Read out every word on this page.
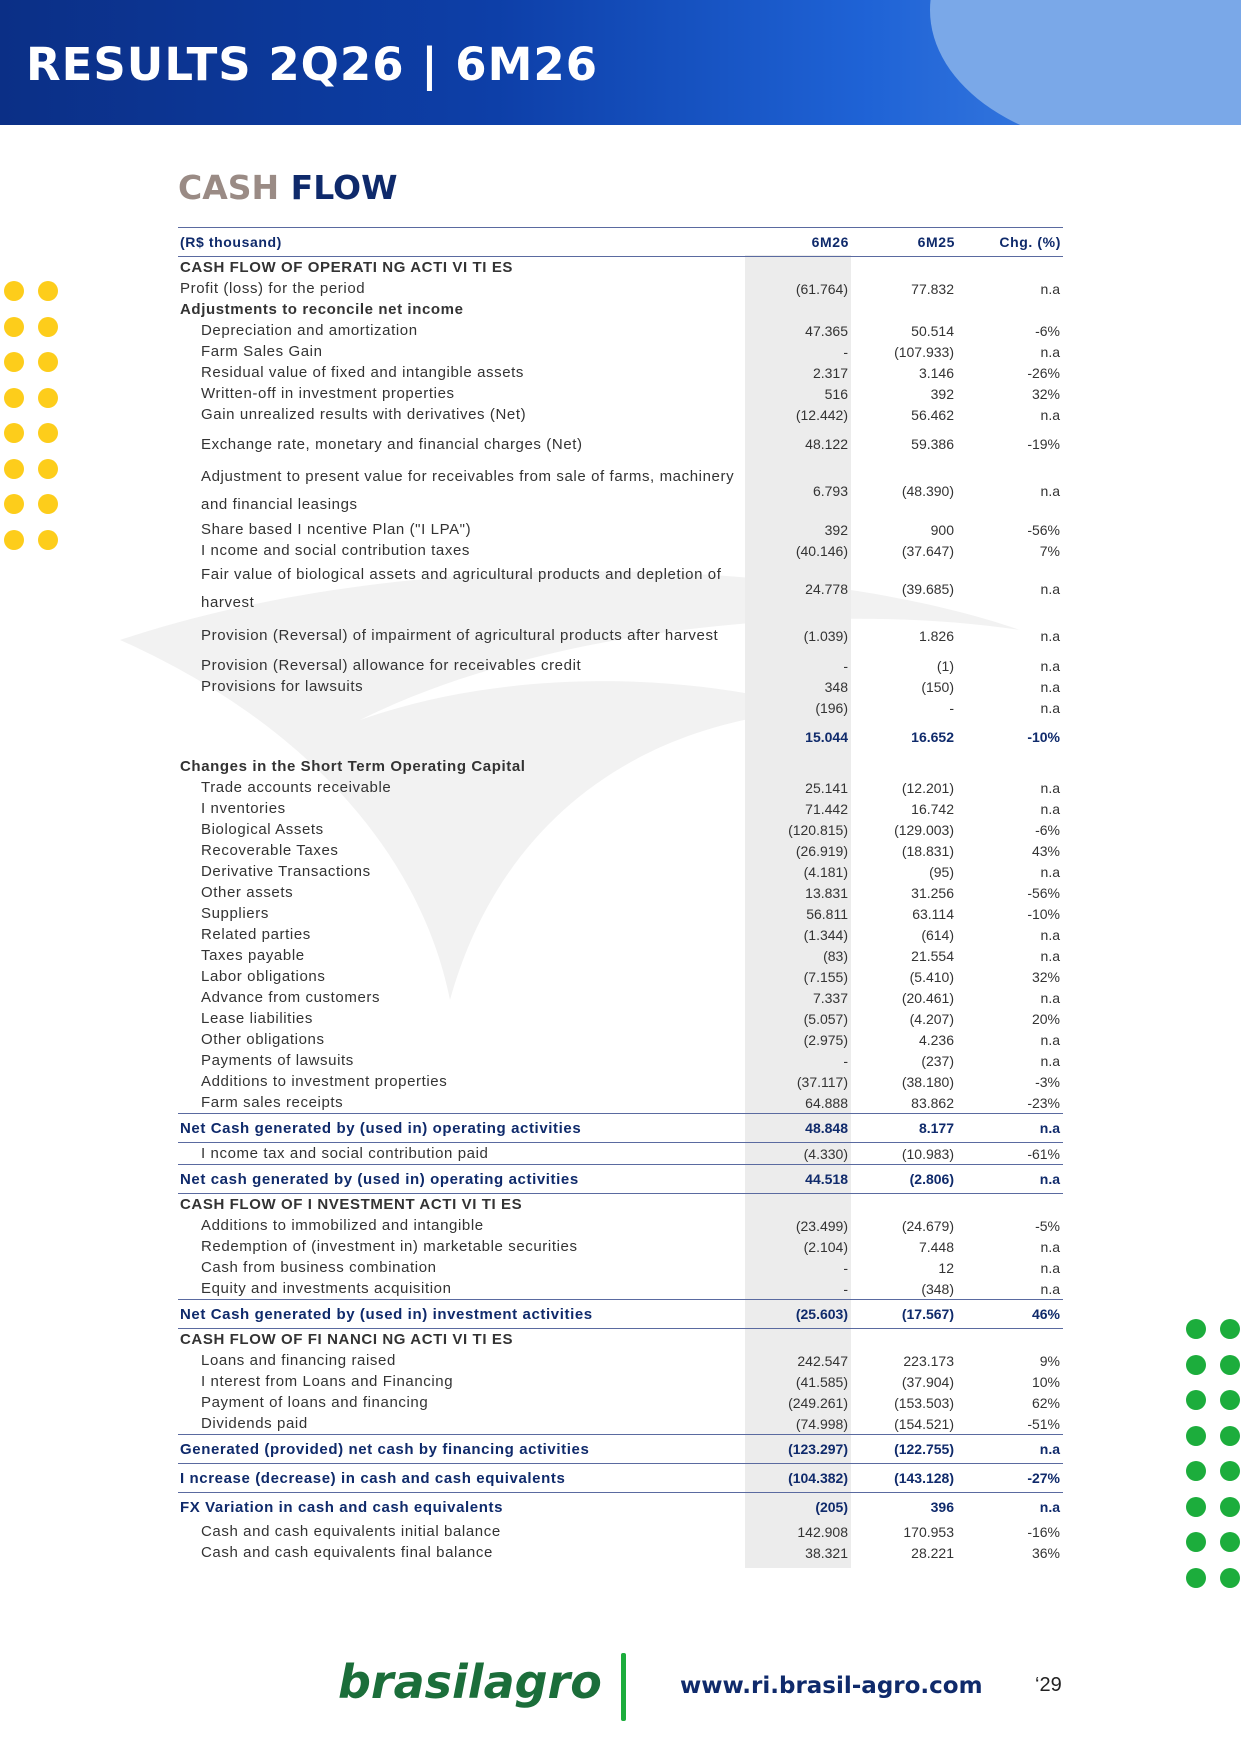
RESULTS 2Q26 | 6M26
CASH FLOW
(R$ thousand)	6M26	6M25	Chg. (%)
CASH FLOW OF OPERATI NG ACTI VI TI ES			
Profit (loss) for the period	(61.764)	77.832	n.a
Adjustments to reconcile net income			
Depreciation and amortization	47.365	50.514	-6%
Farm Sales Gain	-	(107.933)	n.a
Residual value of fixed and intangible assets	2.317	3.146	-26%
Written-off in investment properties	516	392	32%
Gain unrealized results with derivatives (Net)	(12.442)	56.462	n.a
Exchange rate, monetary and financial charges (Net)	48.122	59.386	-19%
Adjustment to present value for receivables from sale of farms, machinery and financial leasings	6.793	(48.390)	n.a
Share based I ncentive Plan ("I LPA")	392	900	-56%
I ncome and social contribution taxes	(40.146)	(37.647)	7%
Fair value of biological assets and agricultural products and depletion of harvest	24.778	(39.685)	n.a
Provision (Reversal) of impairment of agricultural products after harvest	(1.039)	1.826	n.a
Provision (Reversal) allowance for receivables credit	-	(1)	n.a
Provisions for lawsuits	348	(150)	n.a
	(196)	-	n.a
	15.044	16.652	-10%
Changes in the Short Term Operating Capital			
Trade accounts receivable	25.141	(12.201)	n.a
I nventories	71.442	16.742	n.a
Biological Assets	(120.815)	(129.003)	-6%
Recoverable Taxes	(26.919)	(18.831)	43%
Derivative Transactions	(4.181)	(95)	n.a
Other assets	13.831	31.256	-56%
Suppliers	56.811	63.114	-10%
Related parties	(1.344)	(614)	n.a
Taxes payable	(83)	21.554	n.a
Labor obligations	(7.155)	(5.410)	32%
Advance from customers	7.337	(20.461)	n.a
Lease liabilities	(5.057)	(4.207)	20%
Other obligations	(2.975)	4.236	n.a
Payments of lawsuits	-	(237)	n.a
Additions to investment properties	(37.117)	(38.180)	-3%
Farm sales receipts	64.888	83.862	-23%
Net Cash generated by (used in) operating activities	48.848	8.177	n.a
I ncome tax and social contribution paid	(4.330)	(10.983)	-61%
Net cash generated by (used in) operating activities	44.518	(2.806)	n.a
CASH FLOW OF I NVESTMENT ACTI VI TI ES			
Additions to immobilized and intangible	(23.499)	(24.679)	-5%
Redemption of (investment in) marketable securities	(2.104)	7.448	n.a
Cash from business combination	-	12	n.a
Equity and investments acquisition	-	(348)	n.a
Net Cash generated by (used in) investment activities	(25.603)	(17.567)	46%
CASH FLOW OF FI NANCI NG ACTI VI TI ES			
Loans and financing raised	242.547	223.173	9%
I nterest from Loans and Financing	(41.585)	(37.904)	10%
Payment of loans and financing	(249.261)	(153.503)	62%
Dividends paid	(74.998)	(154.521)	-51%
Generated (provided) net cash by financing activities	(123.297)	(122.755)	n.a
I ncrease (decrease) in cash and cash equivalents	(104.382)	(143.128)	-27%
FX Variation in cash and cash equivalents	(205)	396	n.a
Cash and cash equivalents initial balance	142.908	170.953	-16%
Cash and cash equivalents final balance	38.321	28.221	36%
brasilagro	www.ri.brasil-agro.com	‘29
